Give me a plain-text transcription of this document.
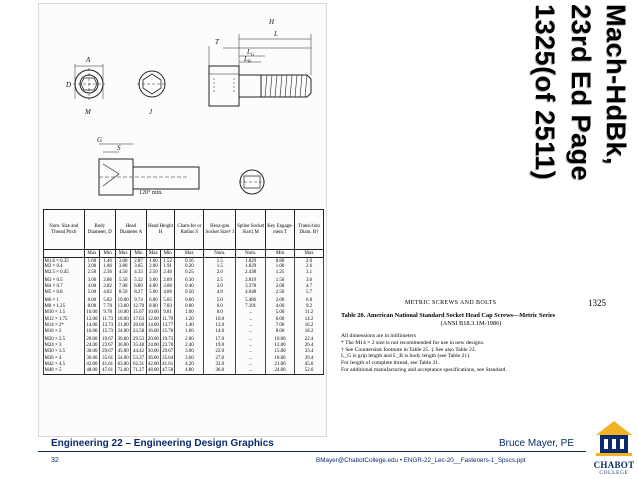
A
D
M	J
T
H
L
$L_G$
$L_B$
G
S
120° min.
Nom. Size and Thread Pitch	Body Diameter, D		Head Diameter A		Head Height H		Cham-fer or Radius S	Hexa-gon Socket Size† J	Spline Socket Size‡ M	Key Engage-ment T	Transi-tion Diam. B†
	Max	Min	Max	Min	Max	Min	Max	Nom.	Nom.	Min	Max
M1.6 × 0.35	1.60	1.46	3.00	2.87	1.60	1.52	0.16	1.5	1.829	0.80	2.0
M2 × 0.4	2.00	1.86	3.80	3.65	2.00	1.91	0.20	1.5	1.829	1.00	2.6
M2.5 × 0.45	2.50	2.36	4.50	4.33	2.50	2.40	0.25	2.0	2.438	1.25	3.1
M3 × 0.5	3.00	2.86	5.50	5.32	3.00	2.89	0.30	2.5	2.819	1.50	3.6
M4 × 0.7	4.00	3.82	7.00	6.80	4.00	3.88	0.40	3.0	3.378	2.00	4.7
M5 × 0.8	5.00	4.82	8.50	8.27	5.00	4.86	0.50	4.0	4.648	2.50	5.7
M6 × 1	6.00	5.82	10.00	9.74	6.00	5.85	0.60	5.0	5.486	3.00	6.8
M8 × 1.25	8.00	7.78	13.00	12.70	8.00	7.83	0.80	6.0	7.391	4.00	9.2
M10 × 1.5	10.00	9.78	16.00	15.67	10.00	9.81	1.00	8.0	...	5.00	11.2
M12 × 1.75	12.00	11.73	18.00	17.63	12.00	11.79	1.20	10.0	...	6.00	14.2
M14 × 2*	14.00	13.73	21.00	20.60	14.00	13.77	1.40	12.0	...	7.00	16.2
M16 × 2	16.00	15.73	24.00	23.58	16.00	15.76	1.60	14.0	...	8.00	18.2
M20 × 2.5	20.00	19.67	30.00	29.53	20.00	19.73	2.00	17.0	...	10.00	22.4
M24 × 3	24.00	23.67	36.00	35.48	24.00	23.70	2.40	19.0	...	12.00	26.4
M30 × 3.5	30.00	29.67	45.00	44.42	30.00	29.67	3.00	22.0	...	15.00	33.4
M36 × 4	36.00	35.61	54.00	53.37	36.00	35.64	3.60	27.0	...	18.00	39.4
M42 × 4.5	42.00	41.61	63.00	62.31	42.00	41.61	4.20	32.0	...	21.00	45.6
M48 × 5	48.00	47.61	72.00	71.27	48.00	47.58	4.80	36.0	...	24.00	52.6
Mach-HdBk,
23rd Ed Page
1325(of 2511)
METRIC SCREWS AND BOLTS	1325
Table 20. American National Standard Socket Head Cap Screws—Metric Series
(ANSI B18.3.1M-1986)
All dimensions are in millimeters
* The M14 × 2 size is not recommended for use in new designs.
† See Countersink footnote in Table 25. ‡ See also Table 23.
L_G is grip length and L_B is body length (see Table 21).
For length of complete thread, see Table 21.
For additional manufacturing and acceptance specifications, see Standard.
Engineering 22 – Engineering Design Graphics	Bruce Mayer, PE
32	BMayer@ChabotCollege.edu • ENGR-22_Lec-20__Fasteners-1_Spscs.ppt	CHABOT
COLLEGE
